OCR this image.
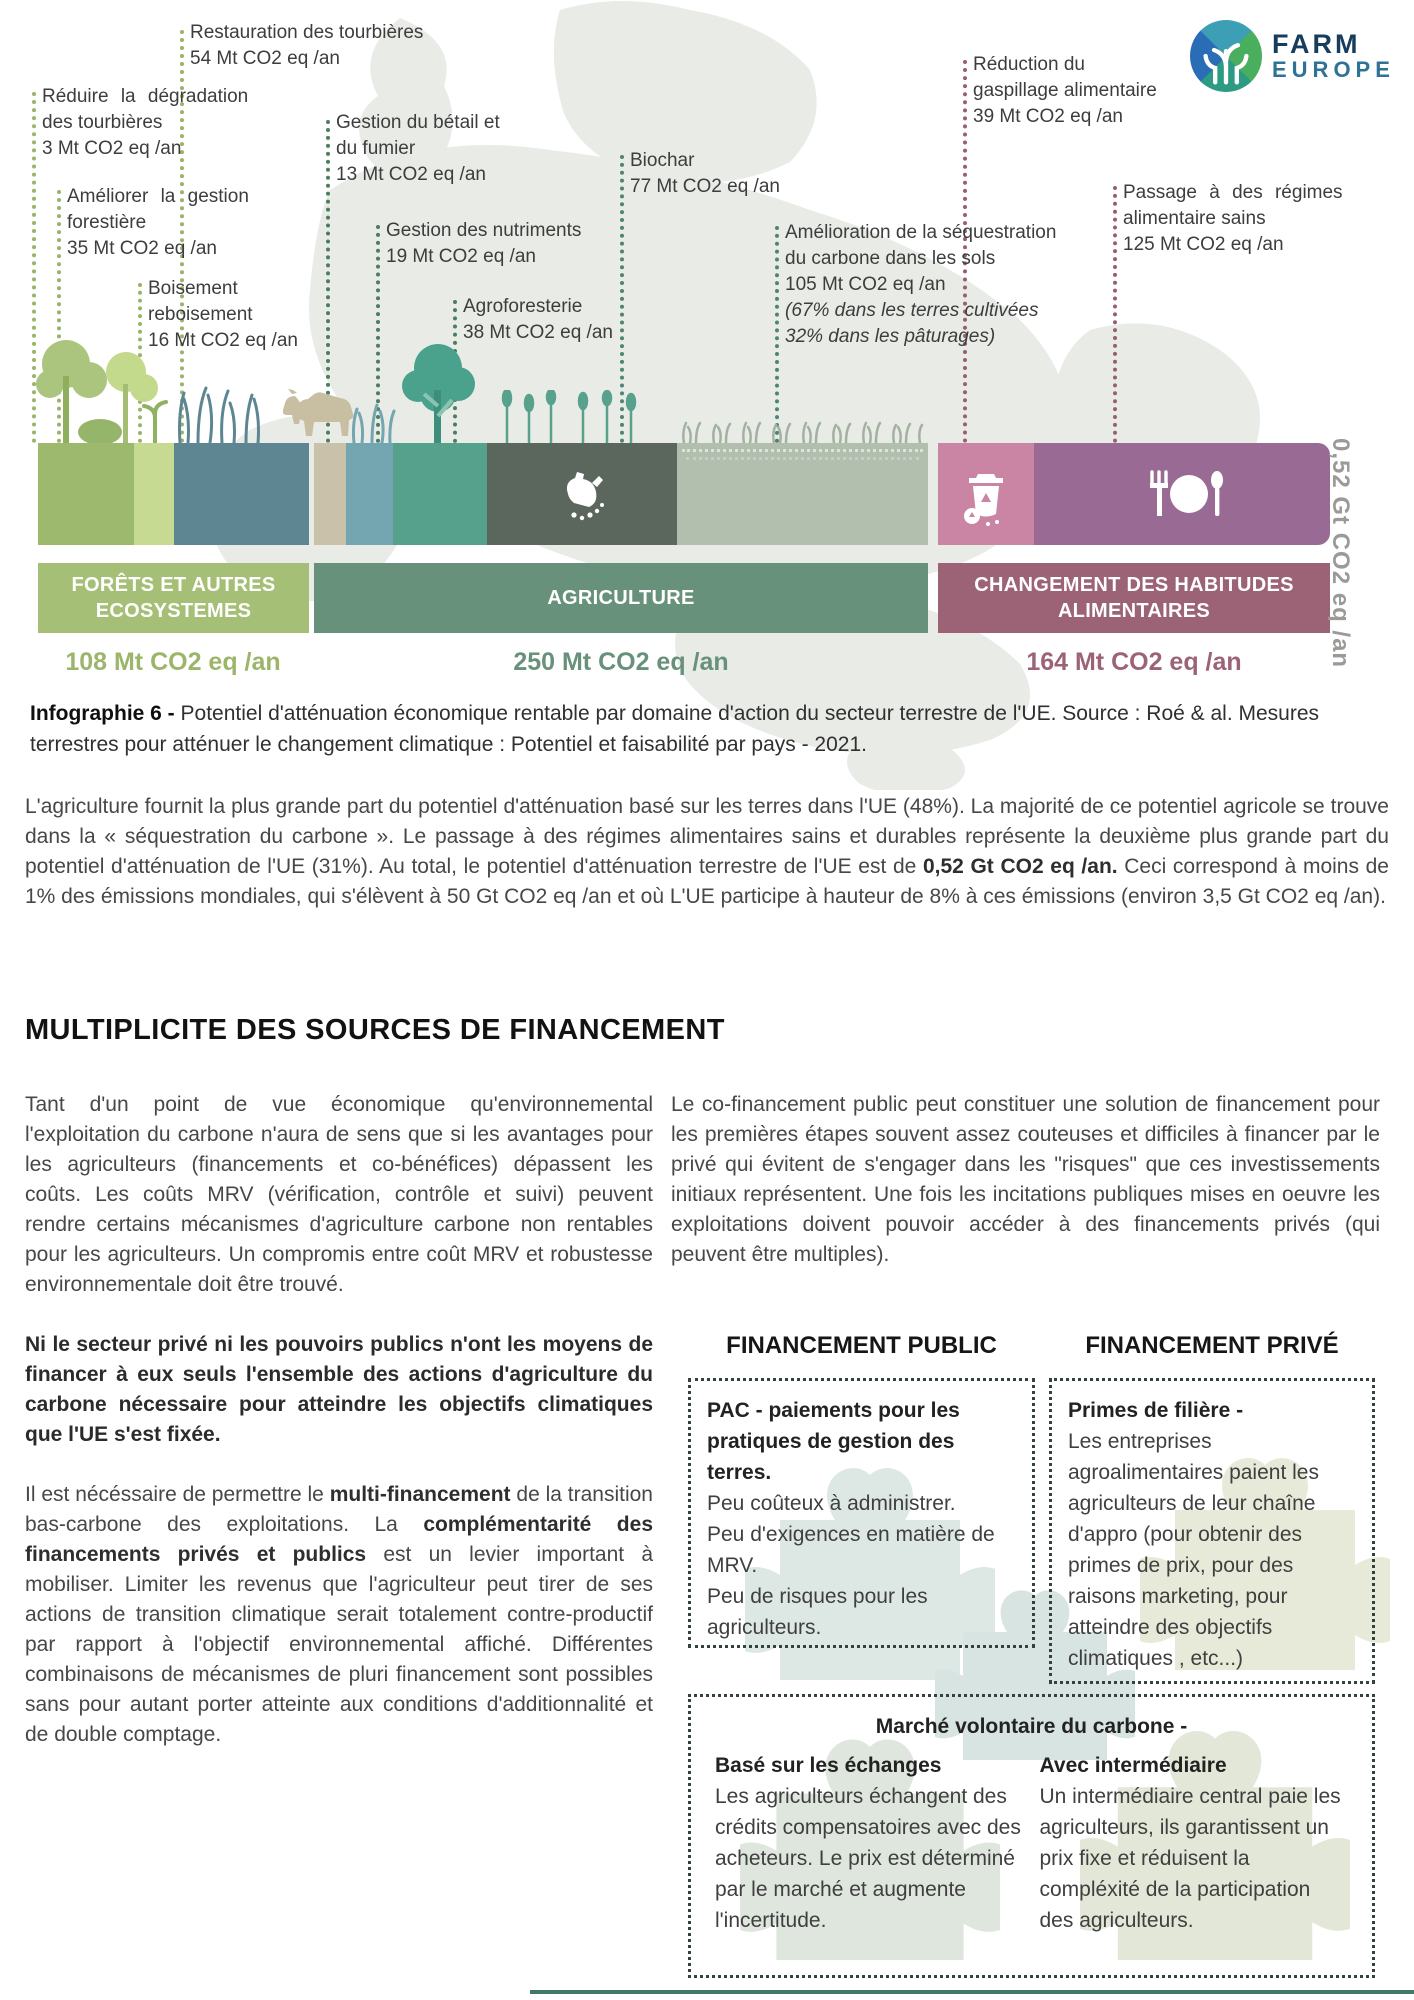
FARM
EUROPE
Restauration des tourbières
54 Mt CO2 eq /an
Réduire la dégradation
des tourbières
3 Mt CO2 eq /an
Gestion du bétail et
du fumier
13 Mt CO2 eq /an
Améliorer la gestion
forestière
35 Mt CO2 eq /an
Gestion des nutriments
19 Mt CO2 eq /an
Boisement
reboisement
16 Mt CO2 eq /an
Agroforesterie
38 Mt CO2 eq /an
Biochar
77 Mt CO2 eq /an
Amélioration de la séquestration
du carbone dans les sols
105 Mt CO2 eq /an
(67% dans les terres cultivées
32% dans les pâturages)
Réduction du
gaspillage alimentaire
39 Mt CO2 eq /an
Passage à des régimes
alimentaire sains
125 Mt CO2 eq /an
FORÊTS ET AUTRES
ECOSYSTEMES
AGRICULTURE
CHANGEMENT DES HABITUDES
ALIMENTAIRES
108 Mt CO2 eq /an	250 Mt CO2 eq /an	164 Mt CO2 eq /an	0,52 Gt CO2 eq /an
Infographie 6 - Potentiel d'atténuation économique rentable par domaine d'action du secteur terrestre de l'UE. Source : Roé & al. Mesures terrestres pour atténuer le changement climatique : Potentiel et faisabilité par pays - 2021.
L'agriculture fournit la plus grande part du potentiel d'atténuation basé sur les terres dans l'UE (48%). La majorité de ce potentiel agricole se trouve dans la « séquestration du carbone ». Le passage à des régimes alimentaires sains et durables représente la deuxième plus grande part du potentiel d'atténuation de l'UE (31%). Au total, le potentiel d'atténuation terrestre de l'UE est de 0,52 Gt CO2 eq /an. Ceci correspond à moins de 1% des émissions mondiales, qui s'élèvent à 50 Gt CO2 eq /an et où L'UE participe à hauteur de 8% à ces émissions (environ 3,5 Gt CO2 eq /an).
MULTIPLICITE DES SOURCES DE FINANCEMENT

Tant d'un point de vue économique qu'environnemental l'exploitation du carbone n'aura de sens que si les avantages pour les agriculteurs (financements et co-bénéfices) dépassent les coûts. Les coûts MRV (vérification, contrôle et suivi) peuvent rendre certains mécanismes d'agriculture carbone non rentables pour les agriculteurs. Un compromis entre coût MRV et robustesse environnementale doit être trouvé.

Ni le secteur privé ni les pouvoirs publics n'ont les moyens de financer à eux seuls l'ensemble des actions d'agriculture du carbone nécessaire pour atteindre les objectifs climatiques que l'UE s'est fixée.

Il est nécéssaire de permettre le multi-financement de la transition bas-carbone des exploitations. La complémentarité des financements privés et publics est un levier important à mobiliser. Limiter les revenus que l'agriculteur peut tirer de ses actions de transition climatique serait totalement contre-productif par rapport à l'objectif environnemental affiché. Différentes combinaisons de mécanismes de pluri financement sont possibles sans pour autant porter atteinte aux conditions d'additionnalité et de double comptage.

Le co-financement public peut constituer une solution de financement pour les premières étapes souvent assez couteuses et difficiles à financer par le privé qui évitent de s'engager dans les "risques" que ces investissements initiaux représentent. Une fois les incitations publiques mises en oeuvre les exploitations doivent pouvoir accéder à des financements privés (qui peuvent être multiples).

FINANCEMENT PUBLIC	FINANCEMENT PRIVÉ
PAC - paiements pour les pratiques de gestion des terres.
Peu coûteux à administrer.
Peu d'exigences en matière de MRV.
Peu de risques pour les agriculteurs.
Primes de filière -
Les entreprises agroalimentaires paient les agriculteurs de leur chaîne d'appro (pour obtenir des primes de prix, pour des raisons marketing, pour atteindre des objectifs climatiques , etc...)
Marché volontaire du carbone -
Basé sur les échanges
Les agriculteurs échangent des crédits compensatoires avec des acheteurs. Le prix est déterminé par le marché et augmente l'incertitude.
Avec intermédiaire
Un intermédiaire central paie les agriculteurs, ils garantissent un prix fixe et réduisent la compléxité de la participation des agriculteurs.
